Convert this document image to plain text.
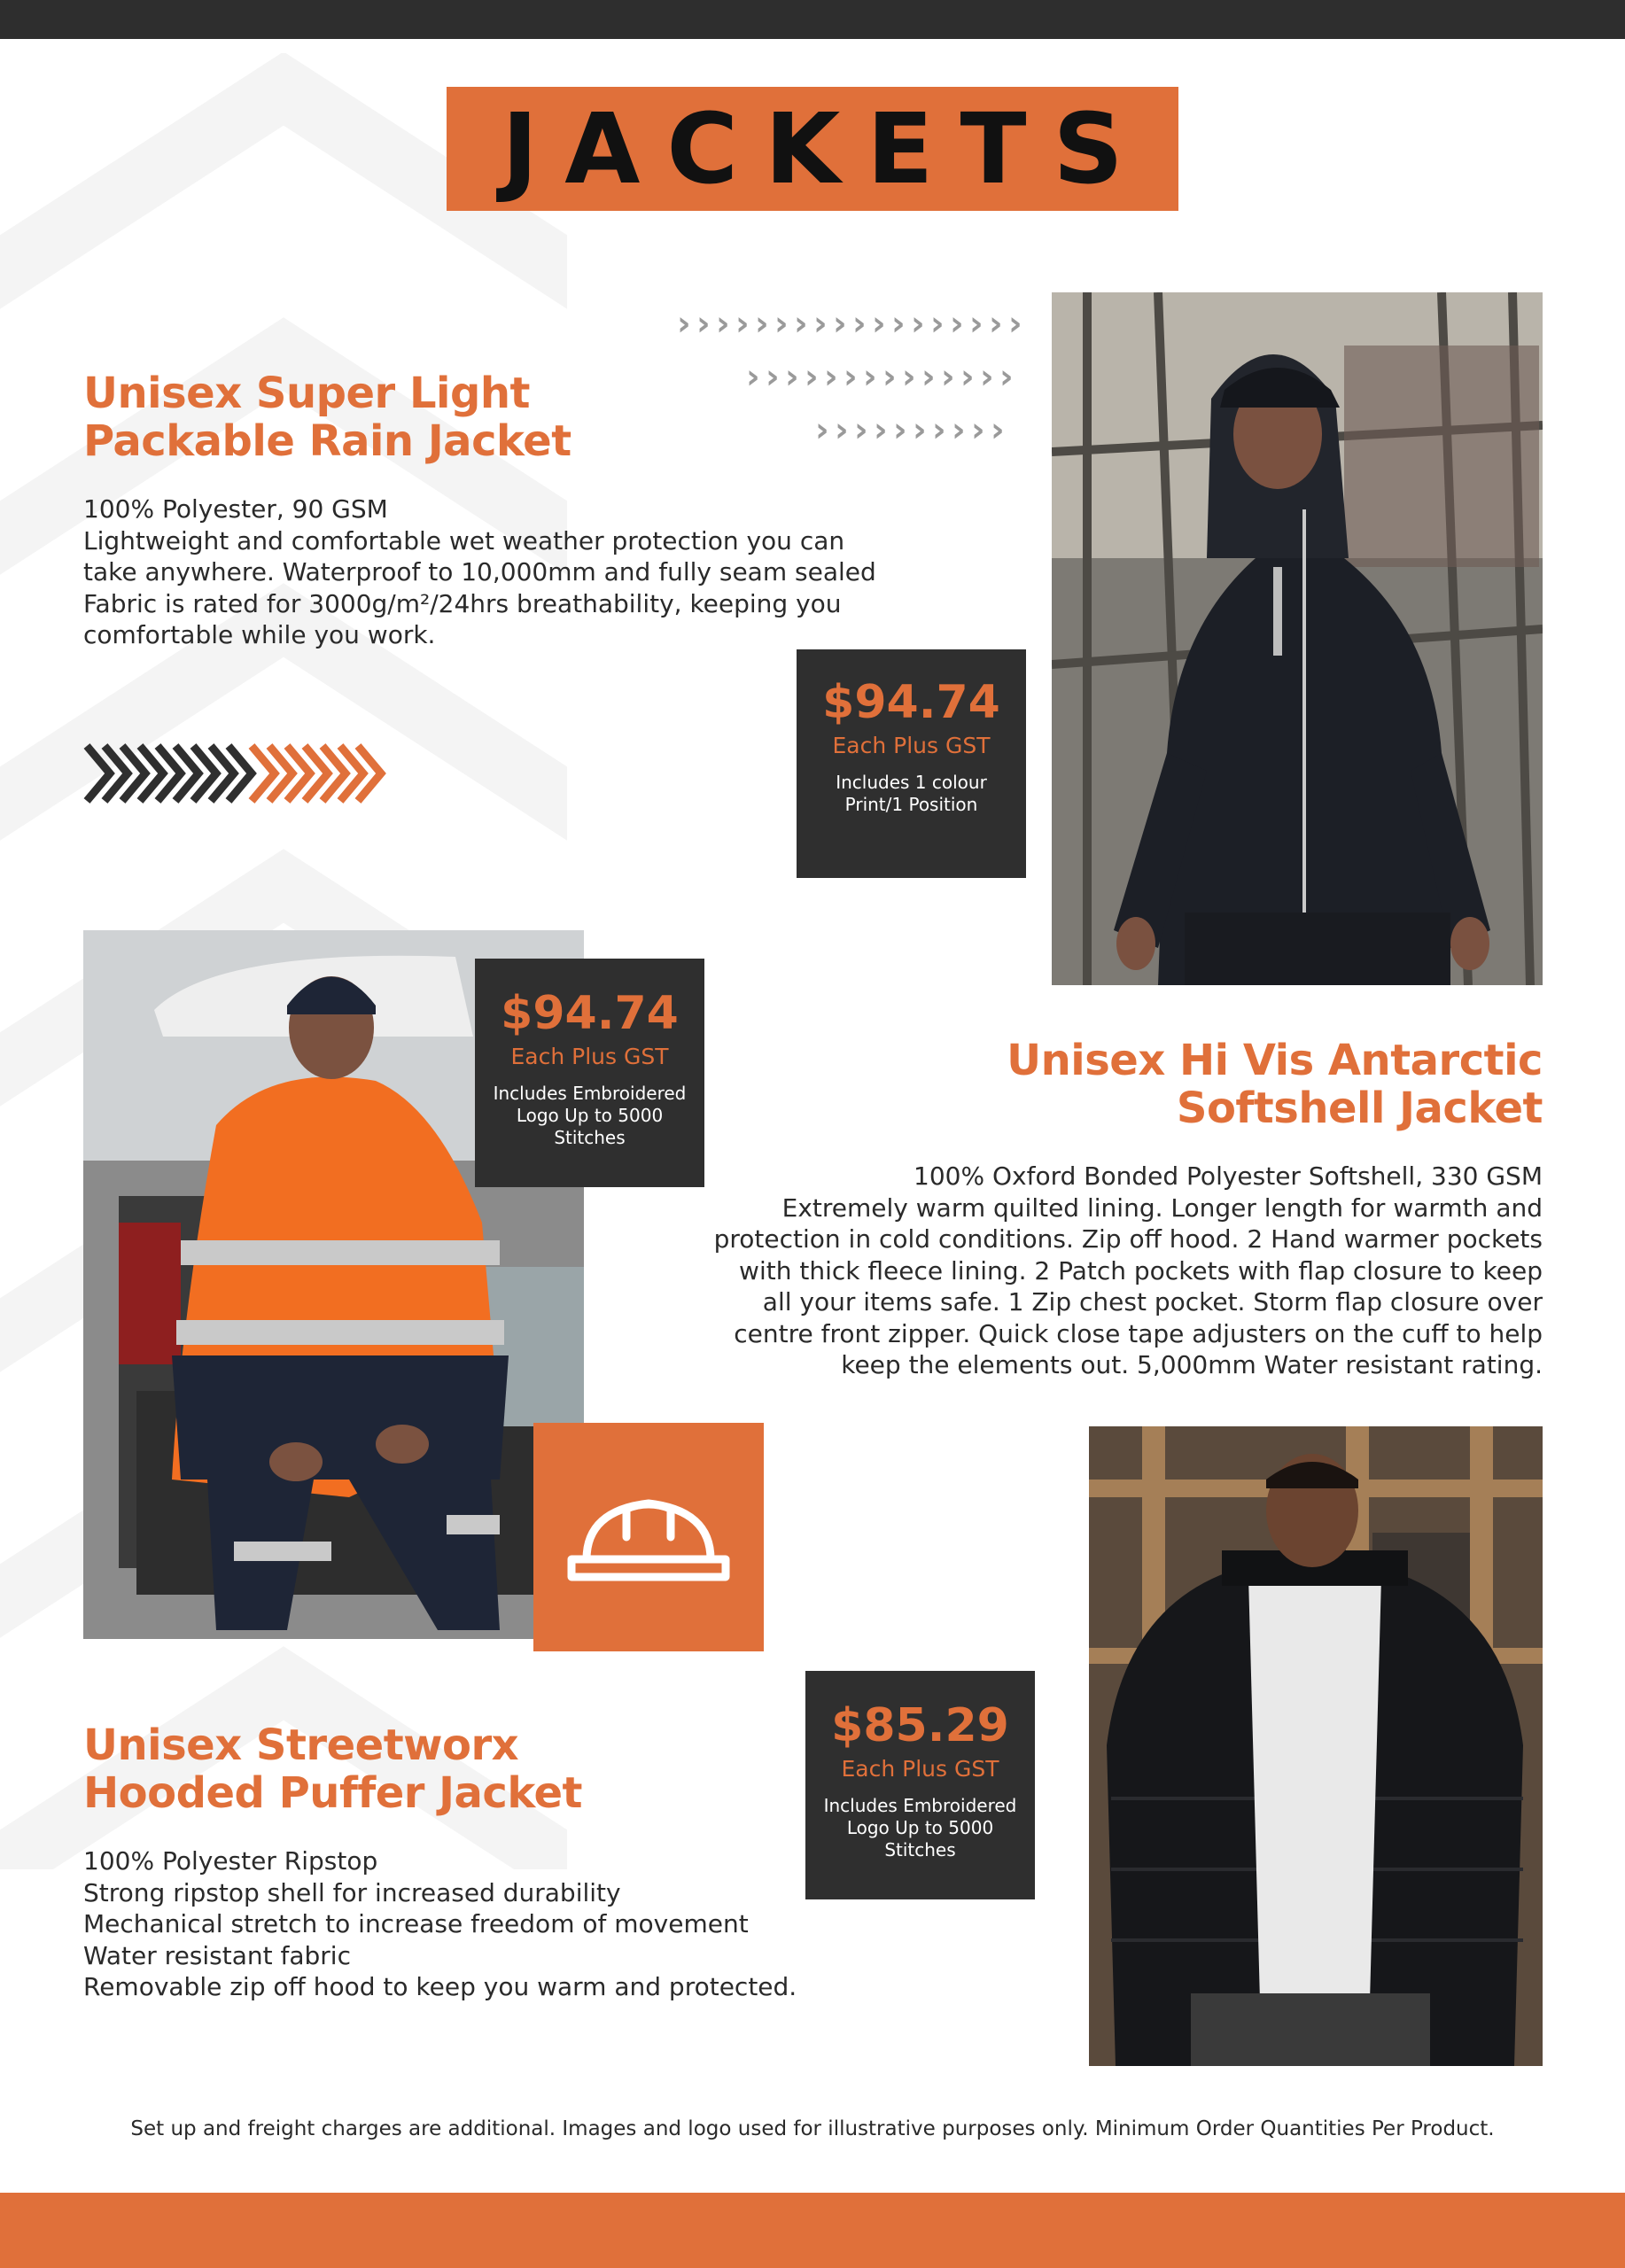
JACKETS
› › › › › › › › › › › › › › › › › ›
› › › › › › › › › › › › › ›
› › › › › › › › › ›
Unisex Super Light
Packable Rain Jacket
100% Polyester, 90 GSM
Lightweight and comfortable wet weather protection you can
take anywhere. Waterproof to 10,000mm and fully seam sealed
Fabric is rated for 3000g/m²/24hrs breathability, keeping you
comfortable while you work.
$94.74
Each Plus GST
Includes 1 colour
Print/1 Position
$94.74
Each Plus GST
Includes Embroidered
Logo Up to 5000
Stitches
Unisex Hi Vis Antarctic
Softshell Jacket
100% Oxford Bonded Polyester Softshell, 330 GSM
Extremely warm quilted lining. Longer length for warmth and
protection in cold conditions. Zip off hood. 2 Hand warmer pockets
with thick fleece lining. 2 Patch pockets with flap closure to keep
all your items safe. 1 Zip chest pocket. Storm flap closure over
centre front zipper. Quick close tape adjusters on the cuff to help
keep the elements out. 5,000mm Water resistant rating.
Unisex Streetworx
Hooded Puffer Jacket
100% Polyester Ripstop
Strong ripstop shell for increased durability
Mechanical stretch to increase freedom of movement
Water resistant fabric
Removable zip off hood to keep you warm and protected.
$85.29
Each Plus GST
Includes Embroidered
Logo Up to 5000
Stitches
Set up and freight charges are additional. Images and logo used for illustrative purposes only. Minimum Order Quantities Per Product.
